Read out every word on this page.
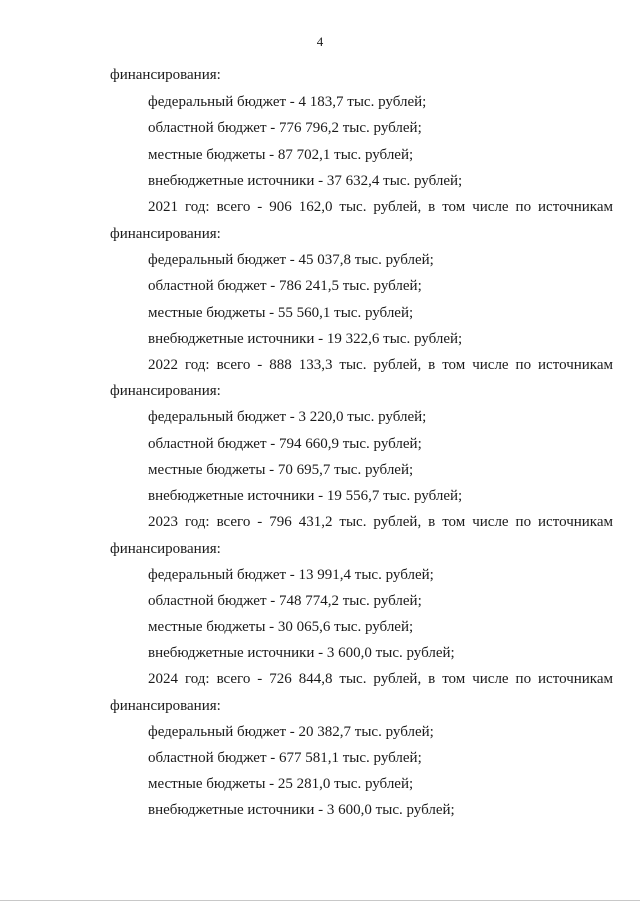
4
финансирования:
федеральный бюджет - 4 183,7 тыс. рублей;
областной бюджет - 776 796,2 тыс. рублей;
местные бюджеты - 87 702,1 тыс. рублей;
внебюджетные источники - 37 632,4 тыс. рублей;
2021 год: всего - 906 162,0 тыс. рублей, в том числе по источникам
финансирования:
федеральный бюджет - 45 037,8 тыс. рублей;
областной бюджет - 786 241,5 тыс. рублей;
местные бюджеты - 55 560,1 тыс. рублей;
внебюджетные источники - 19 322,6 тыс. рублей;
2022 год: всего - 888 133,3 тыс. рублей, в том числе по источникам
финансирования:
федеральный бюджет - 3 220,0 тыс. рублей;
областной бюджет - 794 660,9 тыс. рублей;
местные бюджеты - 70 695,7 тыс. рублей;
внебюджетные источники - 19 556,7 тыс. рублей;
2023 год: всего - 796 431,2 тыс. рублей, в том числе по источникам
финансирования:
федеральный бюджет - 13 991,4 тыс. рублей;
областной бюджет - 748 774,2 тыс. рублей;
местные бюджеты - 30 065,6 тыс. рублей;
внебюджетные источники - 3 600,0 тыс. рублей;
2024 год: всего - 726 844,8 тыс. рублей, в том числе по источникам
финансирования:
федеральный бюджет - 20 382,7 тыс. рублей;
областной бюджет - 677 581,1 тыс. рублей;
местные бюджеты - 25 281,0 тыс. рублей;
внебюджетные источники - 3 600,0 тыс. рублей;
